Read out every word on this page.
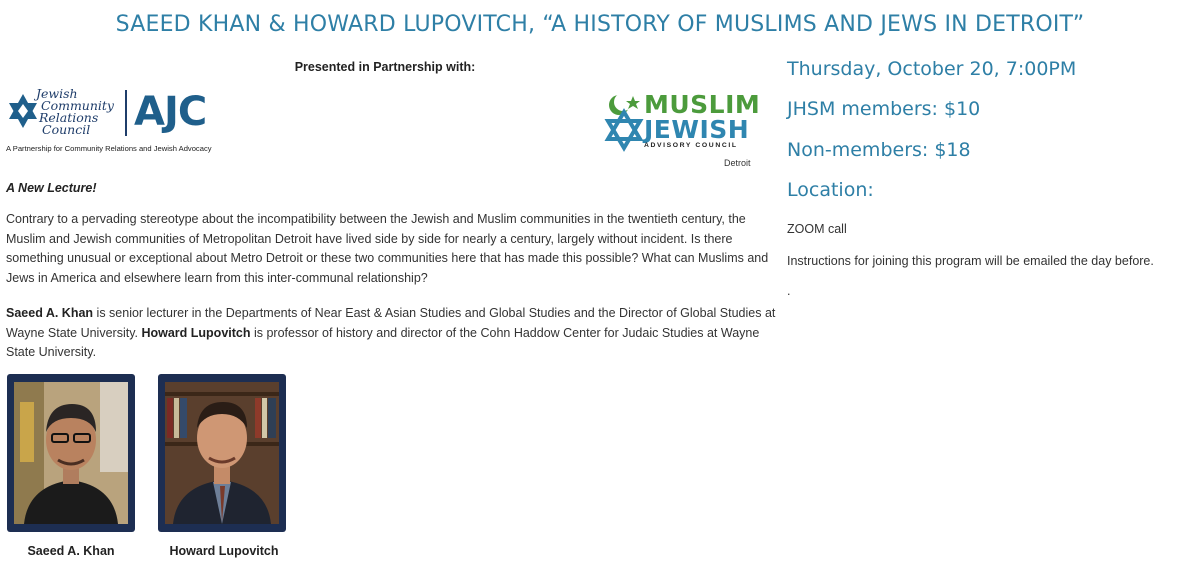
SAEED KHAN & HOWARD LUPOVITCH, “A HISTORY OF MUSLIMS AND JEWS IN DETROIT”
Presented in Partnership with:
Jewish
Community
Relations
Council	AJC
A Partnership for Community Relations and Jewish Advocacy
MUSLIM
JEWISH
ADVISORY COUNCIL
Detroit
A New Lecture!
Contrary to a pervading stereotype about the incompatibility between the Jewish and Muslim communities in the twentieth century, the Muslim and Jewish communities of Metropolitan Detroit have lived side by side for nearly a century, largely without incident. Is there something unusual or exceptional about Metro Detroit or these two communities here that has made this possible? What can Muslims and Jews in America and elsewhere learn from this inter-communal relationship?
Saeed A. Khan is senior lecturer in the Departments of Near East & Asian Studies and Global Studies and the Director of Global Studies at Wayne State University. Howard Lupovitch is professor of history and director of the Cohn Haddow Center for Judaic Studies at Wayne State University.
Saeed A. Khan	Howard Lupovitch
Thursday, October 20, 7:00PM
JHSM members: $10
Non-members: $18
Location:
ZOOM call
Instructions for joining this program will be emailed the day before.
.
